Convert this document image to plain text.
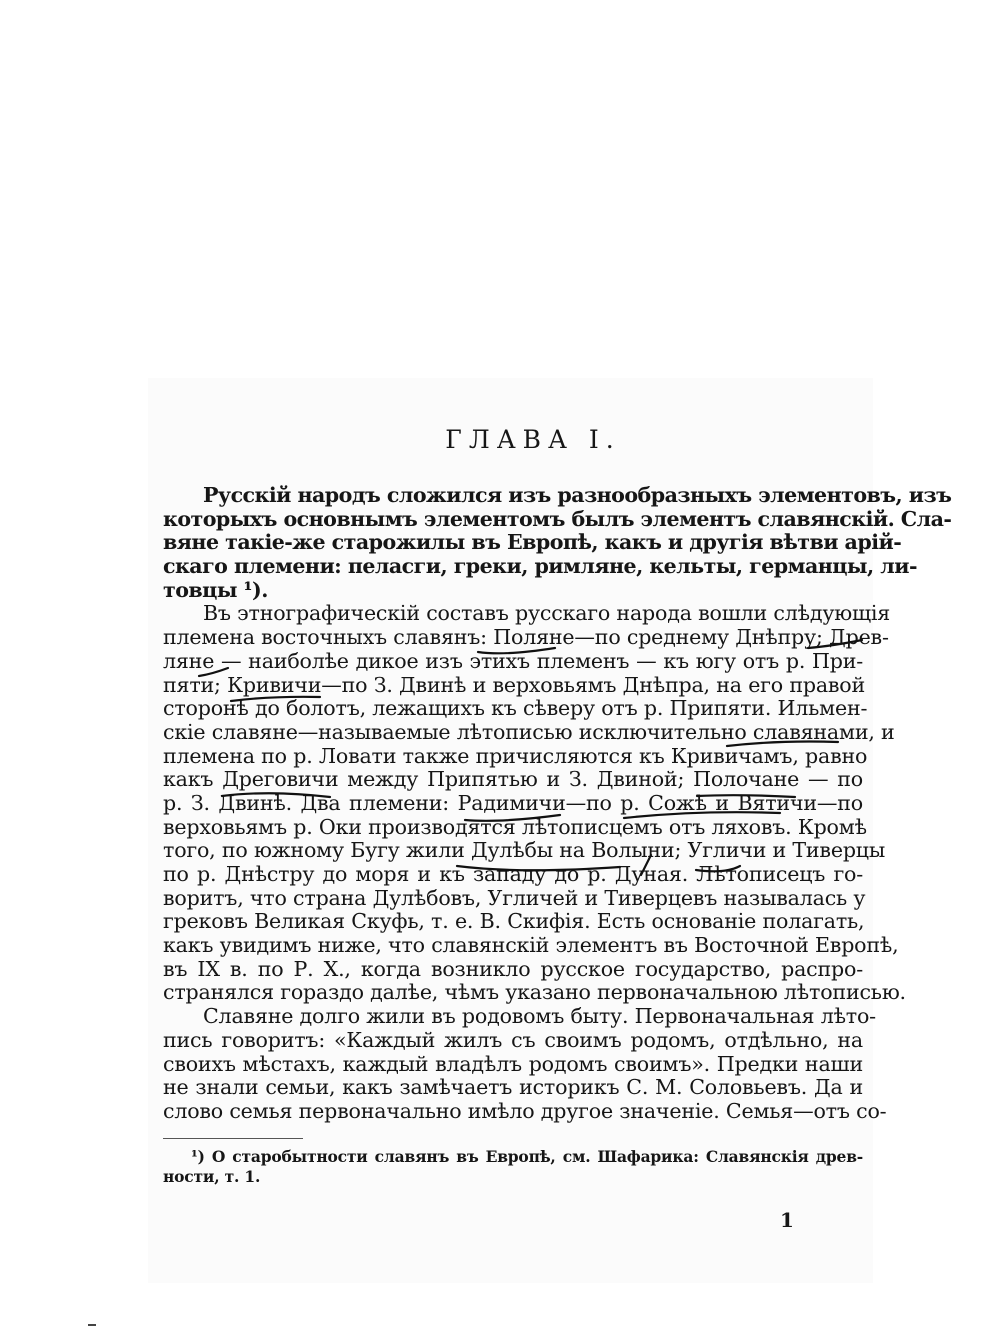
ГЛАВА I.
Русскій народъ сложился изъ разнообразныхъ элементовъ, изъ
которыхъ основнымъ элементомъ былъ элементъ славянскій. Сла-
вяне такіе-же старожилы въ Европѣ, какъ и другія вѣтви арій-
скаго племени: пеласги, греки, римляне, кельты, германцы, ли-
товцы ¹).
Въ этнографическій составъ русскаго народа вошли слѣдующія
племена восточныхъ славянъ: Поляне—по среднему Днѣпру; Древ-
ляне — наиболѣе дикое изъ этихъ племенъ — къ югу отъ р. При-
пяти; Кривичи—по З. Двинѣ и верховьямъ Днѣпра, на его правой
сторонѣ до болотъ, лежащихъ къ сѣверу отъ р. Припяти. Ильмен-
скіе славяне—называемые лѣтописью исключительно славянами, и
племена по р. Ловати также причисляются къ Кривичамъ, равно
какъ Дреговичи между Припятью и З. Двиной; Полочане — по
р. З. Двинѣ. Два племени: Радимичи—по р. Сожѣ и Вятичи—по
верховьямъ р. Оки производятся лѣтописцемъ отъ ляховъ. Кромѣ
того, по южному Бугу жили Дулѣбы на Волыни; Угличи и Тиверцы
по р. Днѣстру до моря и къ западу до р. Дуная. Лѣтописецъ го-
воритъ, что страна Дулѣбовъ, Угличей и Тиверцевъ называлась у
грековъ Великая Скуфь, т. е. В. Скифія. Есть основаніе полагать,
какъ увидимъ ниже, что славянскій элементъ въ Восточной Европѣ,
въ IX в. по Р. Х., когда возникло русское государство, распро-
странялся гораздо далѣе, чѣмъ указано первоначальною лѣтописью.
Славяне долго жили въ родовомъ быту. Первоначальная лѣто-
пись говоритъ: «Каждый жилъ съ своимъ родомъ, отдѣльно, на
своихъ мѣстахъ, каждый владѣлъ родомъ своимъ». Предки наши
не знали семьи, какъ замѣчаетъ историкъ С. М. Соловьевъ. Да и
слово семья первоначально имѣло другое значеніе. Семья—отъ со-
¹) О старобытности славянъ въ Европѣ, см. Шафарика: Славянскія древ-
ности, т. 1.
1
